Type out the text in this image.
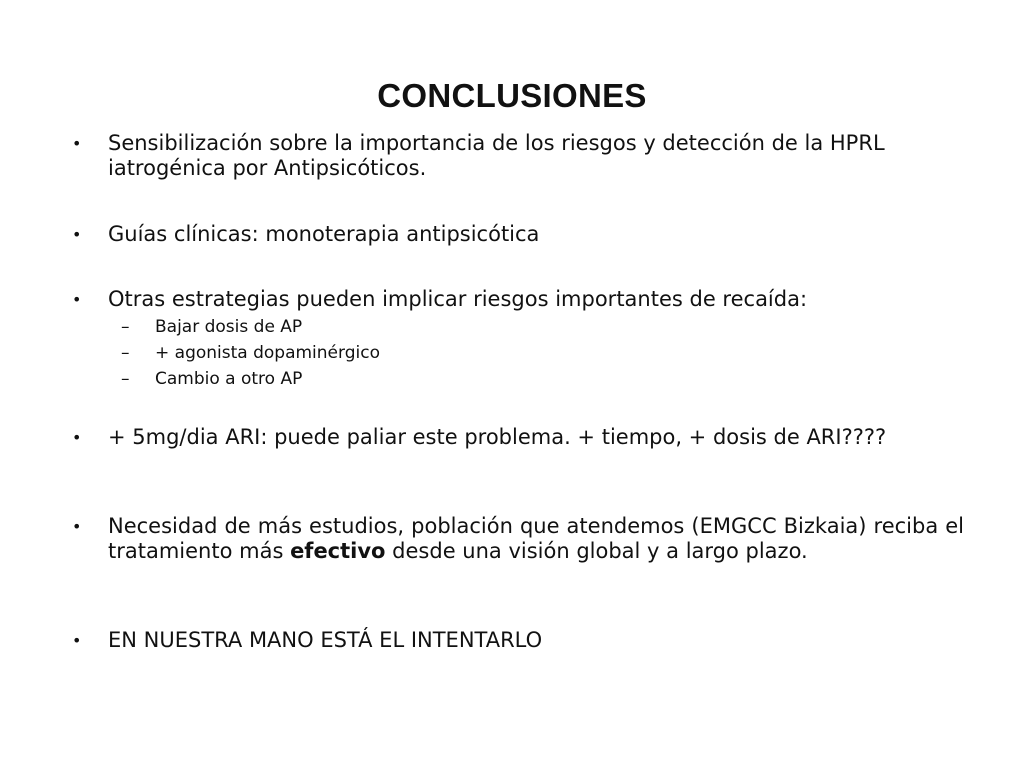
CONCLUSIONES

• Sensibilización sobre la importancia de los riesgos y detección de la HPRL iatrogénica por Antipsicóticos.

• Guías clínicas: monoterapia antipsicótica

• Otras estrategias pueden implicar riesgos importantes de recaída:

– Bajar dosis de AP

– + agonista dopaminérgico

– Cambio a otro AP

• + 5mg/dia ARI: puede paliar este problema. + tiempo, + dosis de ARI????

• Necesidad de más estudios, población que atendemos (EMGCC Bizkaia) reciba el tratamiento más efectivo desde una visión global y a largo plazo.

• EN NUESTRA MANO ESTÁ EL INTENTARLO
